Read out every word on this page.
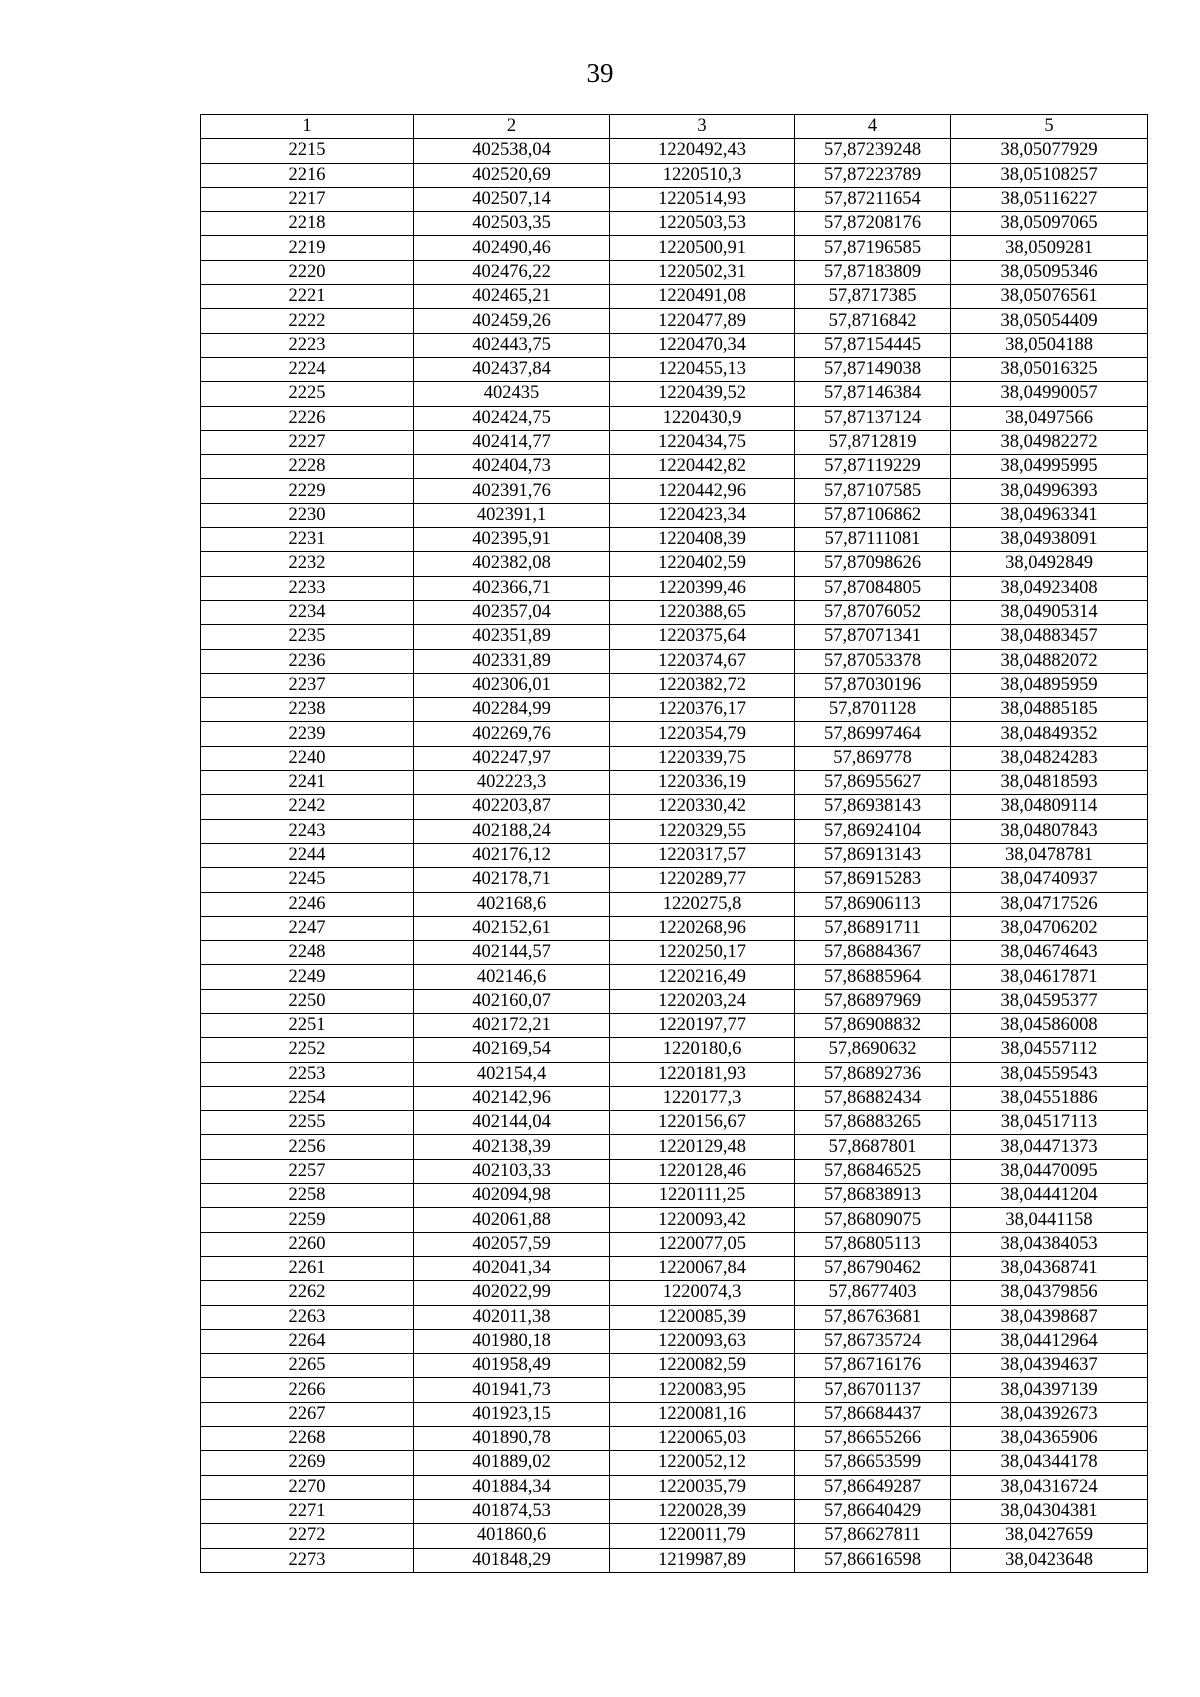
39
1	2	3	4	5
2215	402538,04	1220492,43	57,87239248	38,05077929
2216	402520,69	1220510,3	57,87223789	38,05108257
2217	402507,14	1220514,93	57,87211654	38,05116227
2218	402503,35	1220503,53	57,87208176	38,05097065
2219	402490,46	1220500,91	57,87196585	38,0509281
2220	402476,22	1220502,31	57,87183809	38,05095346
2221	402465,21	1220491,08	57,8717385	38,05076561
2222	402459,26	1220477,89	57,8716842	38,05054409
2223	402443,75	1220470,34	57,87154445	38,0504188
2224	402437,84	1220455,13	57,87149038	38,05016325
2225	402435	1220439,52	57,87146384	38,04990057
2226	402424,75	1220430,9	57,87137124	38,0497566
2227	402414,77	1220434,75	57,8712819	38,04982272
2228	402404,73	1220442,82	57,87119229	38,04995995
2229	402391,76	1220442,96	57,87107585	38,04996393
2230	402391,1	1220423,34	57,87106862	38,04963341
2231	402395,91	1220408,39	57,87111081	38,04938091
2232	402382,08	1220402,59	57,87098626	38,0492849
2233	402366,71	1220399,46	57,87084805	38,04923408
2234	402357,04	1220388,65	57,87076052	38,04905314
2235	402351,89	1220375,64	57,87071341	38,04883457
2236	402331,89	1220374,67	57,87053378	38,04882072
2237	402306,01	1220382,72	57,87030196	38,04895959
2238	402284,99	1220376,17	57,8701128	38,04885185
2239	402269,76	1220354,79	57,86997464	38,04849352
2240	402247,97	1220339,75	57,869778	38,04824283
2241	402223,3	1220336,19	57,86955627	38,04818593
2242	402203,87	1220330,42	57,86938143	38,04809114
2243	402188,24	1220329,55	57,86924104	38,04807843
2244	402176,12	1220317,57	57,86913143	38,0478781
2245	402178,71	1220289,77	57,86915283	38,04740937
2246	402168,6	1220275,8	57,86906113	38,04717526
2247	402152,61	1220268,96	57,86891711	38,04706202
2248	402144,57	1220250,17	57,86884367	38,04674643
2249	402146,6	1220216,49	57,86885964	38,04617871
2250	402160,07	1220203,24	57,86897969	38,04595377
2251	402172,21	1220197,77	57,86908832	38,04586008
2252	402169,54	1220180,6	57,8690632	38,04557112
2253	402154,4	1220181,93	57,86892736	38,04559543
2254	402142,96	1220177,3	57,86882434	38,04551886
2255	402144,04	1220156,67	57,86883265	38,04517113
2256	402138,39	1220129,48	57,8687801	38,04471373
2257	402103,33	1220128,46	57,86846525	38,04470095
2258	402094,98	1220111,25	57,86838913	38,04441204
2259	402061,88	1220093,42	57,86809075	38,0441158
2260	402057,59	1220077,05	57,86805113	38,04384053
2261	402041,34	1220067,84	57,86790462	38,04368741
2262	402022,99	1220074,3	57,8677403	38,04379856
2263	402011,38	1220085,39	57,86763681	38,04398687
2264	401980,18	1220093,63	57,86735724	38,04412964
2265	401958,49	1220082,59	57,86716176	38,04394637
2266	401941,73	1220083,95	57,86701137	38,04397139
2267	401923,15	1220081,16	57,86684437	38,04392673
2268	401890,78	1220065,03	57,86655266	38,04365906
2269	401889,02	1220052,12	57,86653599	38,04344178
2270	401884,34	1220035,79	57,86649287	38,04316724
2271	401874,53	1220028,39	57,86640429	38,04304381
2272	401860,6	1220011,79	57,86627811	38,0427659
2273	401848,29	1219987,89	57,86616598	38,0423648
